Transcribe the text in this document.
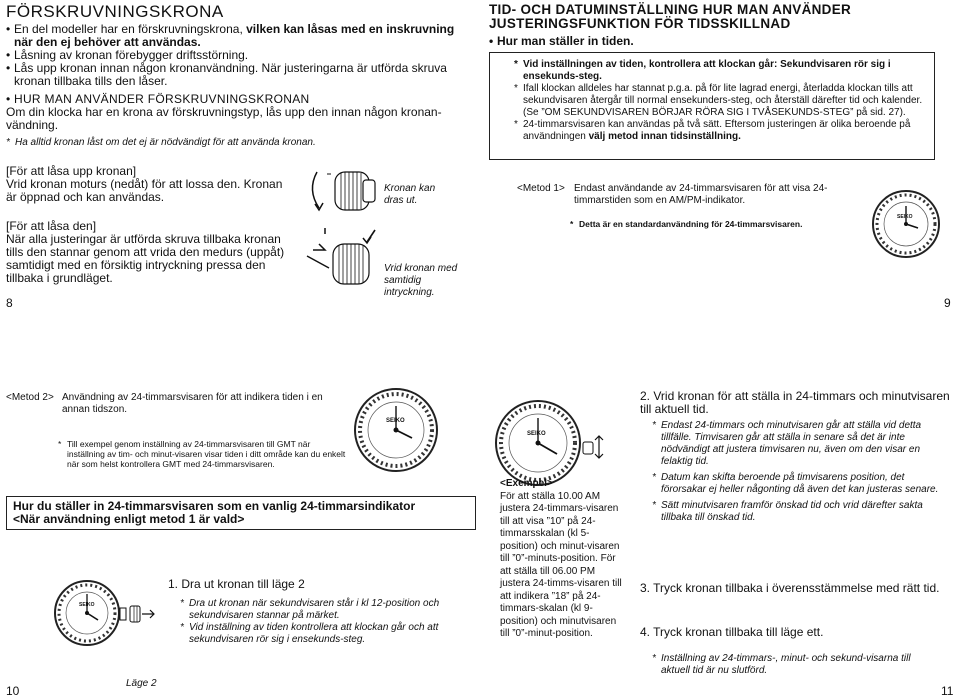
FÖRSKRUVNINGSKRONA
• En del modeller har en förskruvningskrona, vilken kan låsas med en inskruvning när den ej behöver att användas.
• Låsning av kronan förebygger driftsstörning.
• Lås upp kronan innan någon kronanvändning. När justeringarna är utförda skruva kronan tillbaka tills den låser.
• HUR MAN ANVÄNDER FÖRSKRUVNINGSKRONAN
Om din klocka har en krona av förskruvningstyp, lås upp den innan någon kronan-vändning.
* Ha alltid kronan låst om det ej är nödvändigt för att använda kronan.
[För att låsa upp kronan]
Vrid kronan moturs (nedåt) för att lossa den. Kronan är öppnad och kan användas.
[För att låsa den]
När alla justeringar är utförda skruva tillbaka kronan tills den stannar genom att vrida den medurs (uppåt) samtidigt med en försiktig intryckning pressa den tillbaka i grundläget.
Kronan kan dras ut.
Vrid kronan med samtidig intryckning.
8
TID- OCH DATUMINSTÄLLNING HUR MAN ANVÄNDER
JUSTERINGSFUNKTION FÖR TIDSSKILLNAD
• Hur man ställer in tiden.
* Vid inställningen av tiden, kontrollera att klockan går: Sekundvisaren rör sig i ensekunds-steg.
* Ifall klockan alldeles har stannat p.g.a. på för lite lagrad energi, återladda klockan tills att sekundvisaren återgår till normal ensekunders-steg, och återställ därefter tid och kalender. (Se ”OM SEKUNDVISAREN BÖRJAR RÖRA SIG I TVÅSEKUNDS-STEG” på sid. 27).
* 24-timmarsvisaren kan användas på två sätt. Eftersom justeringen är olika beroende på användningen välj metod innan tidsinställning.
<Metod 1> Endast användande av 24-timmarsvisaren för att visa 24-timmarstiden som en AM/PM-indikator.
* Detta är en standardanvändning för 24-timmarsvisaren.
SEIKO
9
<Metod 2> Användning av 24-timmarsvisaren för att indikera tiden i en annan tidszon.
* Till exempel genom inställning av 24-timmarsvisaren till GMT när inställning av tim- och minut-visaren visar tiden i ditt område kan du enkelt när som helst kontrollera GMT med 24-timmarsvisaren.
SEIKO
Hur du ställer in 24-timmarsvisaren som en vanlig 24-timmarsindikator
<När användning enligt metod 1 är vald>
SEIKO
Läge 2
1. Dra ut kronan till läge 2
* Dra ut kronan när sekundvisaren står i kl 12-position och sekundvisaren stannar på märket.
* Vid inställning av tiden kontrollera att klockan går och att sekundvisaren rör sig i ensekunds-steg.
SEIKO
<Exempel>
För att ställa 10.00 AM justera 24-timmars-visaren till att visa ”10” på 24-timmarsskalan (kl 5-position) och minut-visaren till ”0”-minuts-position. För att ställa till 06.00 PM justera 24-timms-visaren till att indikera ”18” på 24-timmars-skalan (kl 9-position) och minutvisaren till ”0”-minut-position.
10
2. Vrid kronan för att ställa in 24-timmars och minutvisaren till aktuell tid.
* Endast 24-timmars och minutvisaren går att ställa vid detta tillfälle. Timvisaren går att ställa in senare så det är inte nödvändigt att justera timvisaren nu, även om den visar en felaktig tid.
* Datum kan skifta beroende på timvisarens position, det förorsakar ej heller någonting då även det kan justeras senare.
* Sätt minutvisaren framför önskad tid och vrid därefter sakta tillbaka till önskad tid.
3. Tryck kronan tillbaka i överensstämmelse med rätt tid.
* Inställning av 24-timmars-, minut- och sekund-visarna till aktuell tid är nu slutförd.
4. Tryck kronan tillbaka till läge ett.
11
